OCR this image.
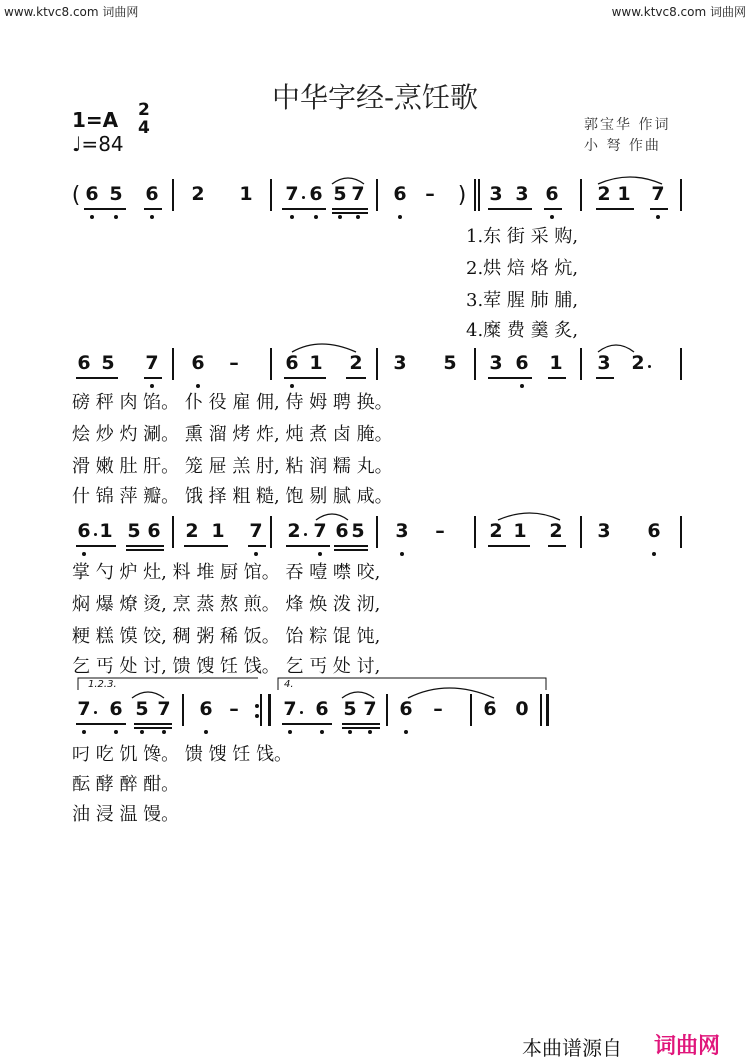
www.ktvc8.com 词曲网	www.ktvc8.com 词曲网
中华字经-烹饪歌
1=A 2
4
♩=84
郭宝华 作词
小 弩 作曲
( 6 5 6 2 1 7 6 5 7 6 –	3 3 6 2 1 7
)
1.东 街 采 购,
2.烘 焙 烙 炕,
3.荤 腥 肺 脯,
4.糜 费 羹 炙,
6 5 7 6 – 6 1 2 3 5 3 6 1 3 2
磅 秤 肉 馅。 仆 役 雇 佣, 侍 姆 聘 换。
烩 炒 灼 涮。 熏 溜 烤 炸, 炖 煮 卤 腌。
滑 嫩 肚 肝。 笼 屉 羔 肘, 粘 润 糯 丸。
什 锦 萍 瓣。 饿 择 粗 糙, 饱 剔 腻 咸。
6 1 5 6 2 1 7 2 7 6 5 3 – 2 1 2 3 6
掌 勺 炉 灶, 料 堆 厨 馆。 吞 噎 噤 咬,
焖 爆 燎 烫, 烹 蒸 熬 煎。 烽 焕 泼 沏,
粳 糕 馍 饺, 稠 粥 稀 饭。 饴 粽 馄 饨,
乞 丐 处 讨, 馈 馊 饪 饯。 乞 丐 处 讨,
1.2.3.	4.
7 6 5 7 6 – 7 6 5 7 6 – 6 0
叼 吃 饥 馋。 馈 馊 饪 饯。
酝 酵 醉 酣。
油 浸 温 馒。
本曲谱源自 词曲网
